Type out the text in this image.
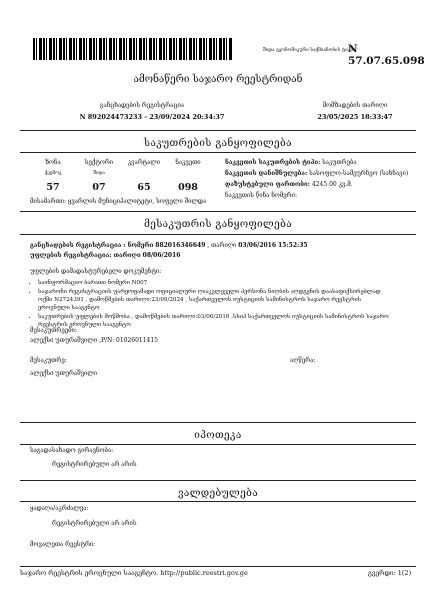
შიდა ეკონომიკური საქმიანობის ტიპი
N 57.07.65.098
ამონაწერი საჯარო რეესტრიდან
განცხადების რეგისტრაცია
N 892024473233 - 23/09/2024 20:34:37
მომზადების თარიღი
23/05/2025 18:33:47
საკუთრების განყოფილება
ზონა	სექტორი	კვარტალი	ნაკვეთი
ქვემოკ	შიდა
57	07	65	098
ნაკვეთის საკუთრების ტიპი: საკუთრება
ნაკვეთის დანიშნულება: სასოფლო-სამეურნეო (სახნავი)
დაზუსტებული ფართობი: 4245.00 კვ.მ.
ნაკვეთის წინა ნომერი:
მისამართი: ყვარლის მუნიციპალიტეტი, სოფელი შილდა
მესაკუთრის განყოფილება
განცხადების რეგისტრაცია : ნომერი 882016346649 , თარიღი 03/06/2016 15:52:35
უფლების რეგისტრაცია: თარიღი 08/06/2016
უფლების დამადასტურებელი დოკუმენტი:
• საინფორმაციო ბარათი ნომერი N007
• საჯაროჩი რეგისტრაციის უარყოფამადი ოფიციალური ღიაკვლეველი პერსონა ნიღბის აღდგენის დაასაფიქსირებლად ოქმი N2724391 , დამოწმების თარიღი:23/09/2024 , საქართველოს იუსტიციის სამინისტროს საჯარო რეესტრის ეროვნული სააგენტო
• საკუთრების უფლების მოწმობა , დამოწმების თარიღი:03/06/2016 ,სსიპ საქართველოს იუსტიციის სამინისტროს საჯარო რეესტრის ეროვნული სააგენტო
მესაკუთრეები:
ალექსი უთურაშვილი ,P/N: 01026011415
მესაკუთრე:	აღწერა:
ალექსი უთურაშვილი
იპოთეკა
საგადასახადო გირავნობა:
რეგისტრირებული არ არის
ვალდებულება
ყადაღა/აკრძალვა:
რეგისტრირებული არ არის
მოვალეთა რეესტრი:
საჯარო რეესტრის ეროვნული სააგენტო. http://public.reestri.gov.ge	გვერდი: 1(2)
